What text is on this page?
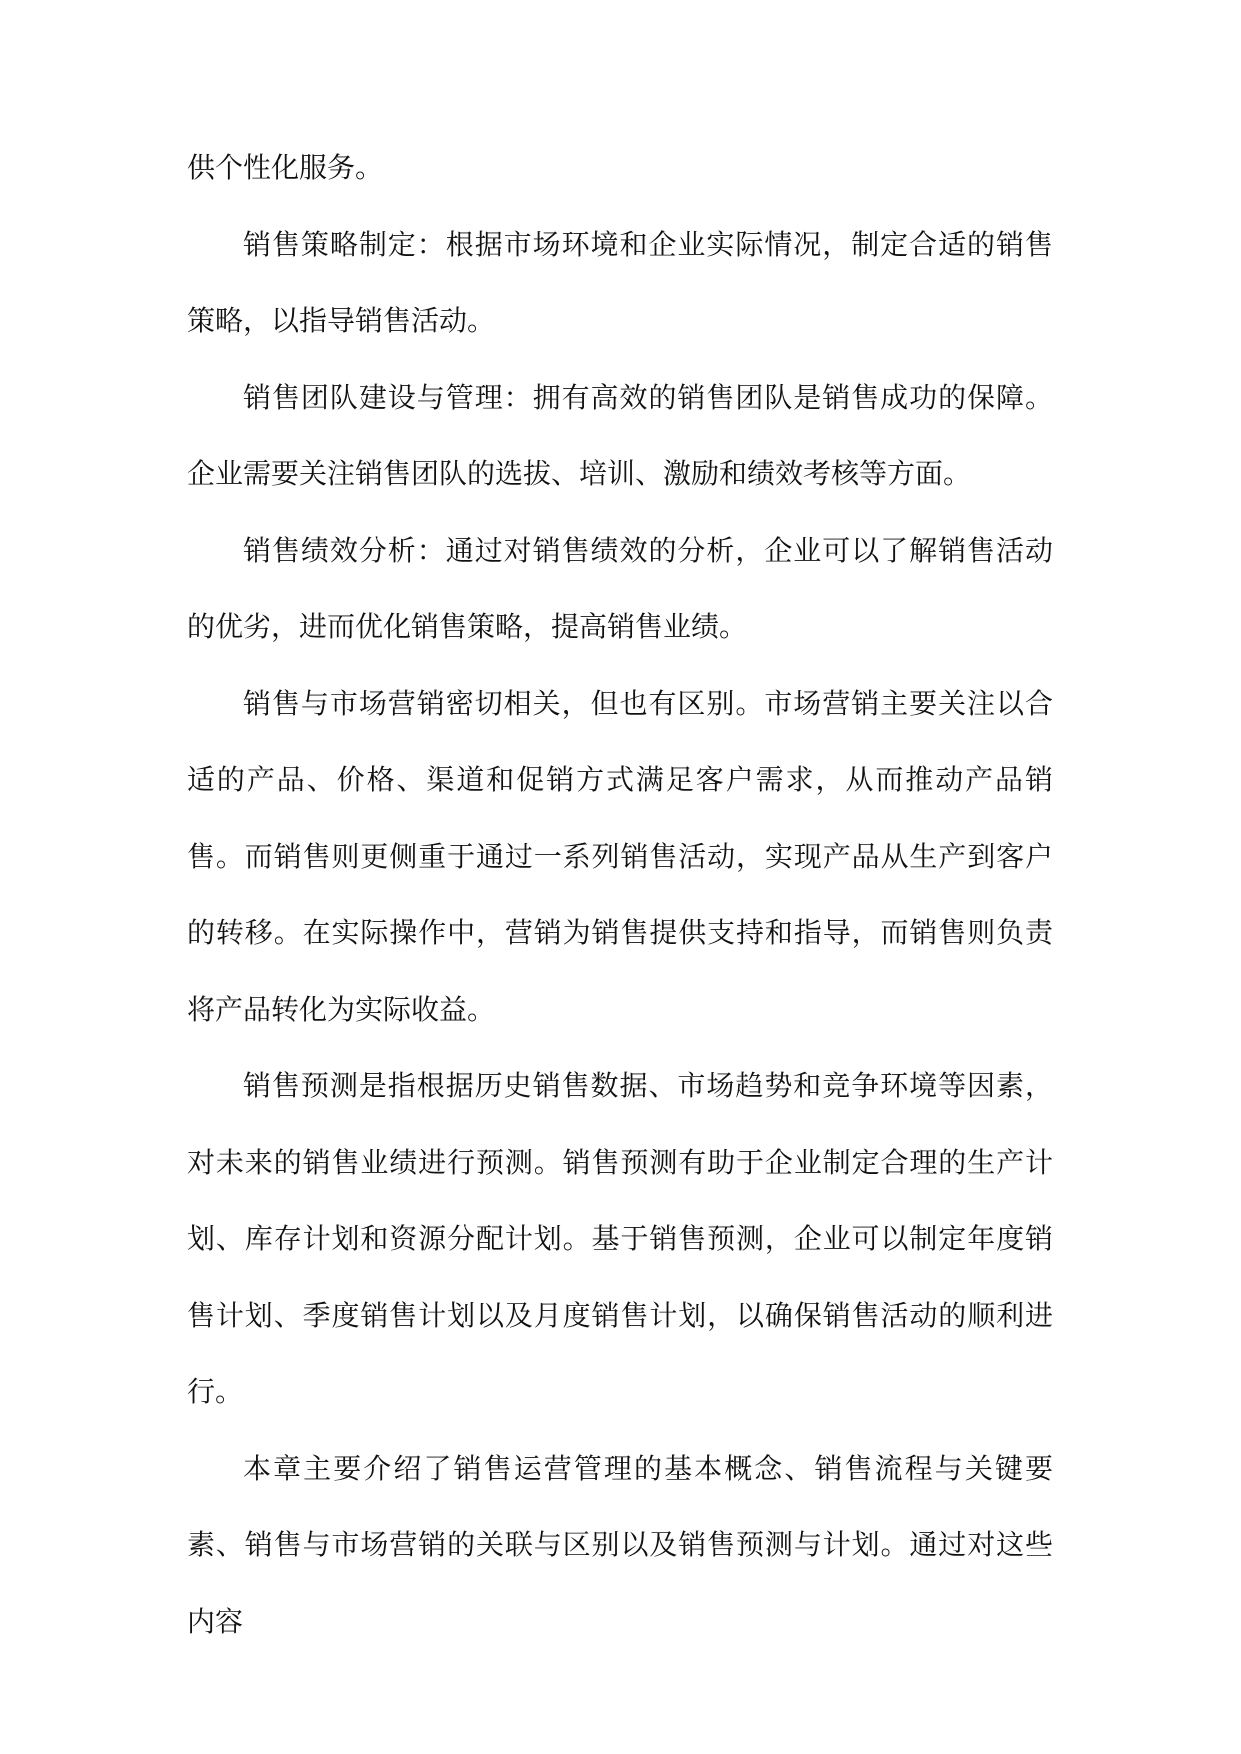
供个性化服务。

销售策略制定：根据市场环境和企业实际情况，制定合适的销售策略，以指导销售活动。

销售团队建设与管理：拥有高效的销售团队是销售成功的保障。企业需要关注销售团队的选拔、培训、激励和绩效考核等方面。

销售绩效分析：通过对销售绩效的分析，企业可以了解销售活动的优劣，进而优化销售策略，提高销售业绩。

销售与市场营销密切相关，但也有区别。市场营销主要关注以合适的产品、价格、渠道和促销方式满足客户需求，从而推动产品销售。而销售则更侧重于通过一系列销售活动，实现产品从生产到客户的转移。在实际操作中，营销为销售提供支持和指导，而销售则负责将产品转化为实际收益。

销售预测是指根据历史销售数据、市场趋势和竞争环境等因素，对未来的销售业绩进行预测。销售预测有助于企业制定合理的生产计划、库存计划和资源分配计划。基于销售预测，企业可以制定年度销售计划、季度销售计划以及月度销售计划，以确保销售活动的顺利进行。

本章主要介绍了销售运营管理的基本概念、销售流程与关键要素、销售与市场营销的关联与区别以及销售预测与计划。通过对这些内容
